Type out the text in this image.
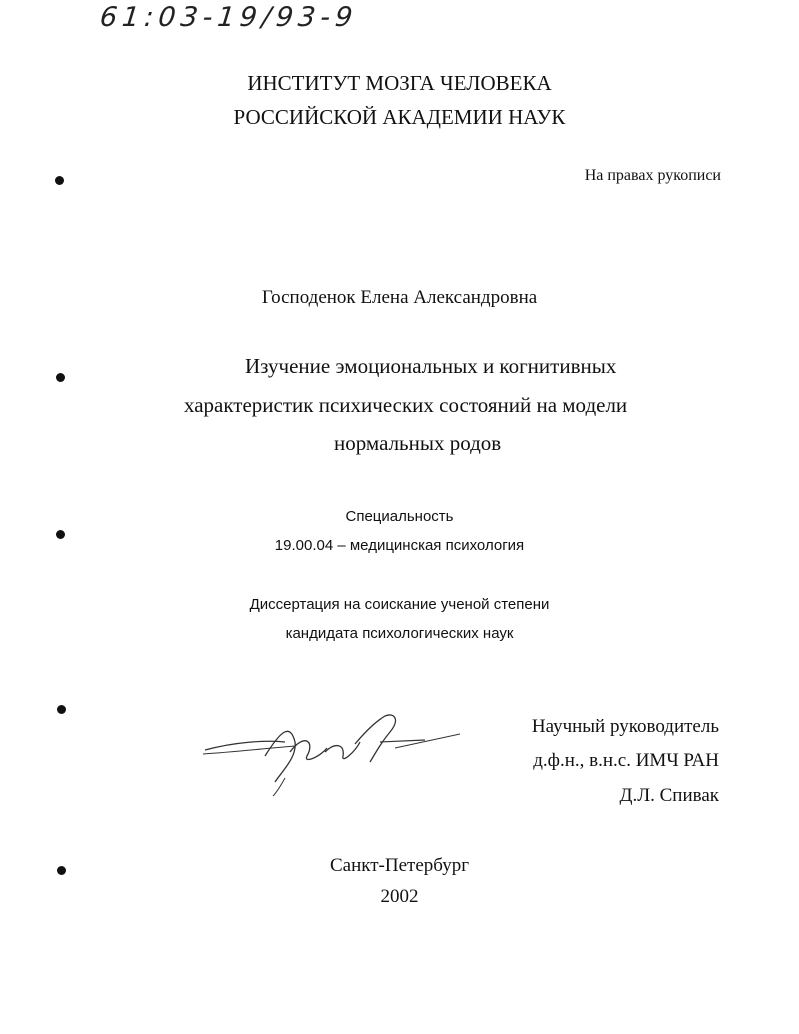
61:03-19/93-9
ИНСТИТУТ МОЗГА ЧЕЛОВЕКА
РОССИЙСКОЙ АКАДЕМИИ НАУК
На правах рукописи
Господенок Елена Александровна
Изучение эмоциональных и когнитивных
характеристик психических состояний на модели
нормальных родов
Специальность
19.00.04 – медицинская психология
Диссертация на соискание ученой степени
кандидата психологических наук
Научный руководитель
д.ф.н., в.н.с. ИМЧ РАН
Д.Л. Спивак
Санкт-Петербург
2002
